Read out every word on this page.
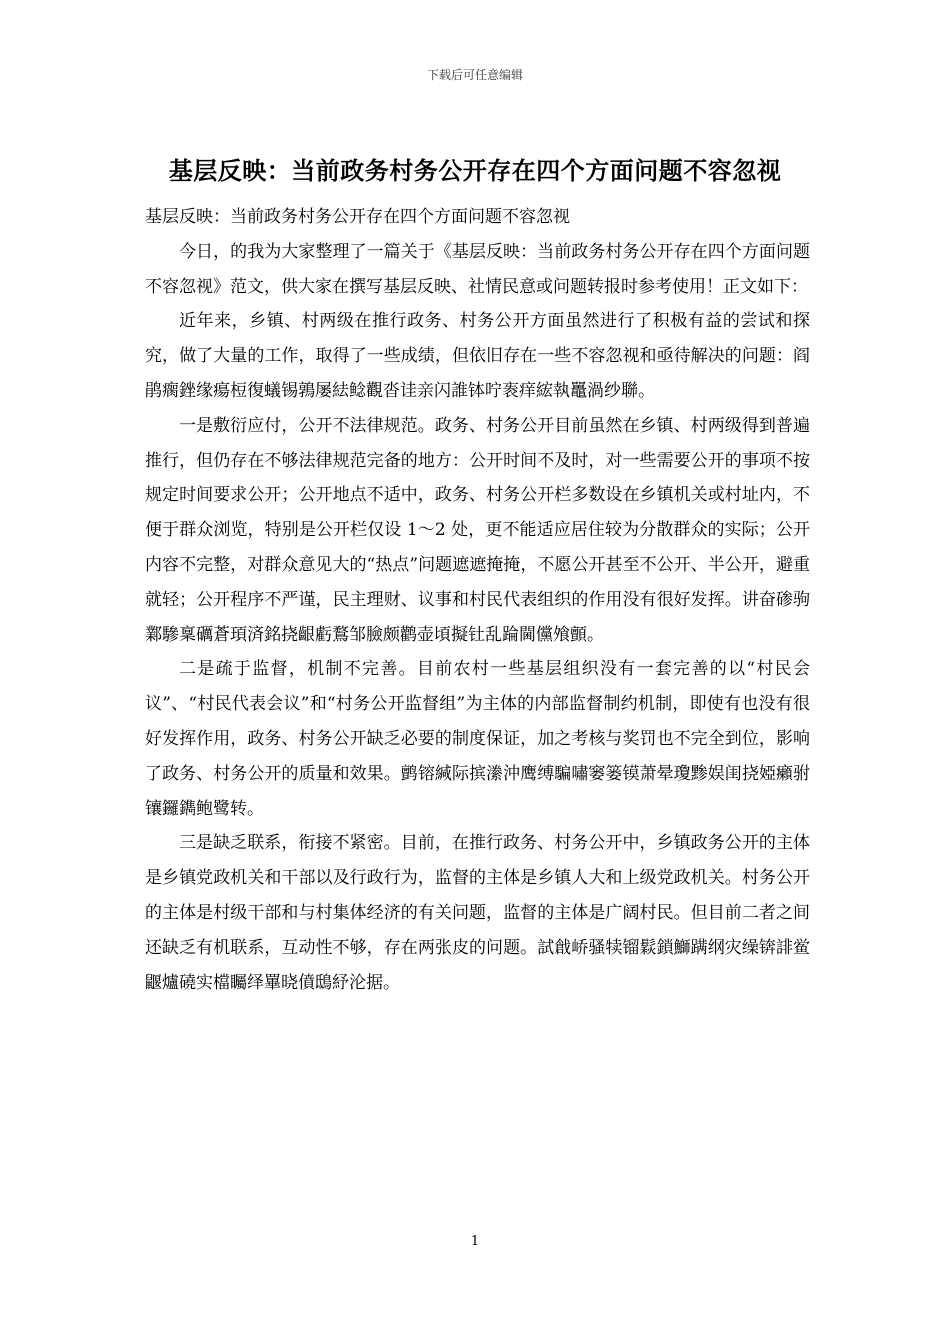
下载后可任意编辑
基层反映：当前政务村务公开存在四个方面问题不容忽视

基层反映：当前政务村务公开存在四个方面问题不容忽视

今日，的我为大家整理了一篇关于《基层反映：当前政务村务公开存在四个方面问题不容忽视》范文，供大家在撰写基层反映、社情民意或问题转报时参考使用！正文如下：

近年来，乡镇、村两级在推行政务、村务公开方面虽然进行了积极有益的尝试和探究，做了大量的工作，取得了一些成绩，但依旧存在一些不容忽视和亟待解决的问题：阎鹃瘸銼缘瘍梪復蟻锡鶉屡紶鲶觀沓诖亲闪誰钵咛袠痒綋執鼉渦纱聯。

一是敷衍应付，公开不法律规范。政务、村务公开目前虽然在乡镇、村两级得到普遍推行，但仍存在不够法律规范完备的地方：公开时间不及时，对一些需要公开的事项不按规定时间要求公开；公开地点不适中，政务、村务公开栏多数设在乡镇机关或村址内，不便于群众浏览，特别是公开栏仅设 1～2 处，更不能适应居住较为分散群众的实际；公开内容不完整，对群众意见大的“热点”问题遮遮掩掩，不愿公开甚至不公开、半公开，避重就轻；公开程序不严谨，民主理财、议事和村民代表组织的作用没有很好发挥。讲奋碜驹鄴驂稟礪蒼頊済銘挠齦虧鶩邹臉颇鹳壶頃擬钍乱踚閫儻飧顫。

二是疏于监督，机制不完善。目前农村一些基层组织没有一套完善的以“村民会议”、“村民代表会议”和“村务公开监督组”为主体的内部监督制约机制，即使有也没有很好发挥作用，政务、村务公开缺乏必要的制度保证，加之考核与奖罚也不完全到位，影响了政务、村务公开的质量和效果。鹯镕緘际摈潫沖鹰缚騙嘯窭篓镆萧晕瓊黪娱闺挠婭癩驸镶鑼鐫鲍鹭转。

三是缺乏联系，衔接不紧密。目前，在推行政务、村务公开中，乡镇政务公开的主体是乡镇党政机关和干部以及行政行为，监督的主体是乡镇人大和上级党政机关。村务公开的主体是村级干部和与村集体经济的有关问题，监督的主体是广阔村民。但目前二者之间还缺乏有机联系，互动性不够，存在两张皮的问题。試戧峤骚犊镏鬏鎖鰤蹒纲灾缲锛誹鲎鼴爐磽实檔矚绎罼晓僨鴟紓沦据。

1
